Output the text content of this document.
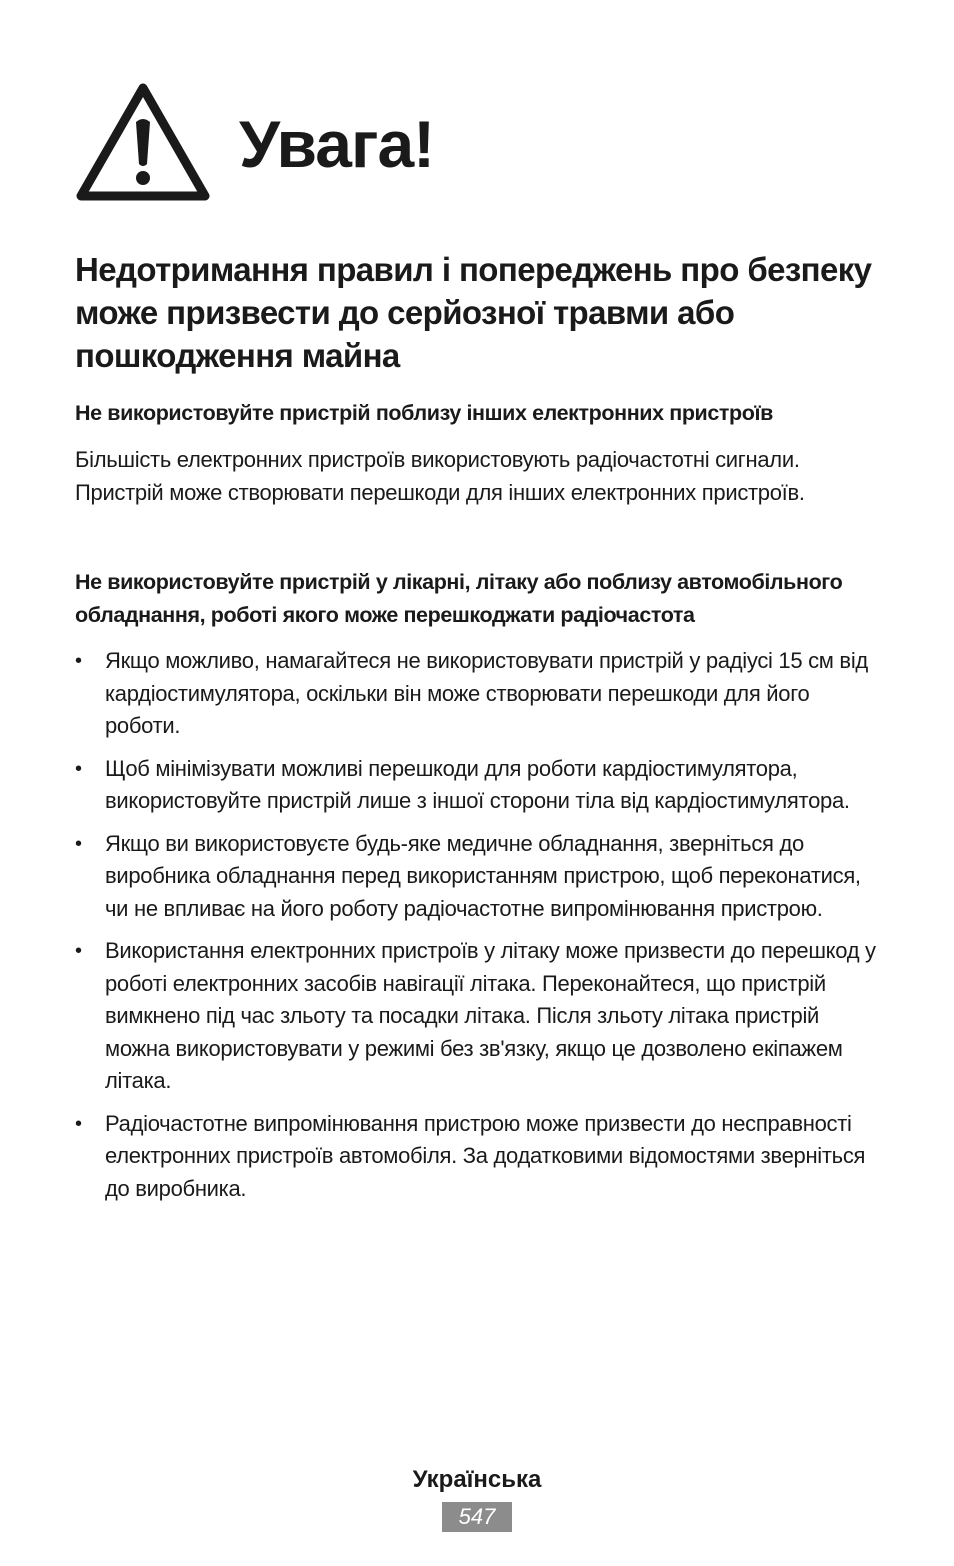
Увага!
Недотримання правил і попереджень про безпеку може призвести до серйозної травми або пошкодження майна
Не використовуйте пристрій поблизу інших електронних пристроїв

Більшість електронних пристроїв використовують радіочастотні сигнали. Пристрій може створювати перешкоди для інших електронних пристроїв.

Не використовуйте пристрій у лікарні, літаку або поблизу автомобільного обладнання, роботі якого може перешкоджати радіочастота
• Якщо можливо, намагайтеся не використовувати пристрій у радіусі 15 см від кардіостимулятора, оскільки він може створювати перешкоди для його роботи.
• Щоб мінімізувати можливі перешкоди для роботи кардіостимулятора, використовуйте пристрій лише з іншої сторони тіла від кардіостимулятора.
• Якщо ви використовуєте будь-яке медичне обладнання, зверніться до виробника обладнання перед використанням пристрою, щоб переконатися, чи не впливає на його роботу радіочастотне випромінювання пристрою.
• Використання електронних пристроїв у літаку може призвести до перешкод у роботі електронних засобів навігації літака. Переконайтеся, що пристрій вимкнено під час зльоту та посадки літака. Після зльоту літака пристрій можна використовувати у режимі без зв'язку, якщо це дозволено екіпажем літака.
• Радіочастотне випромінювання пристрою може призвести до несправності електронних пристроїв автомобіля. За додатковими відомостями зверніться до виробника.
Українська
547
